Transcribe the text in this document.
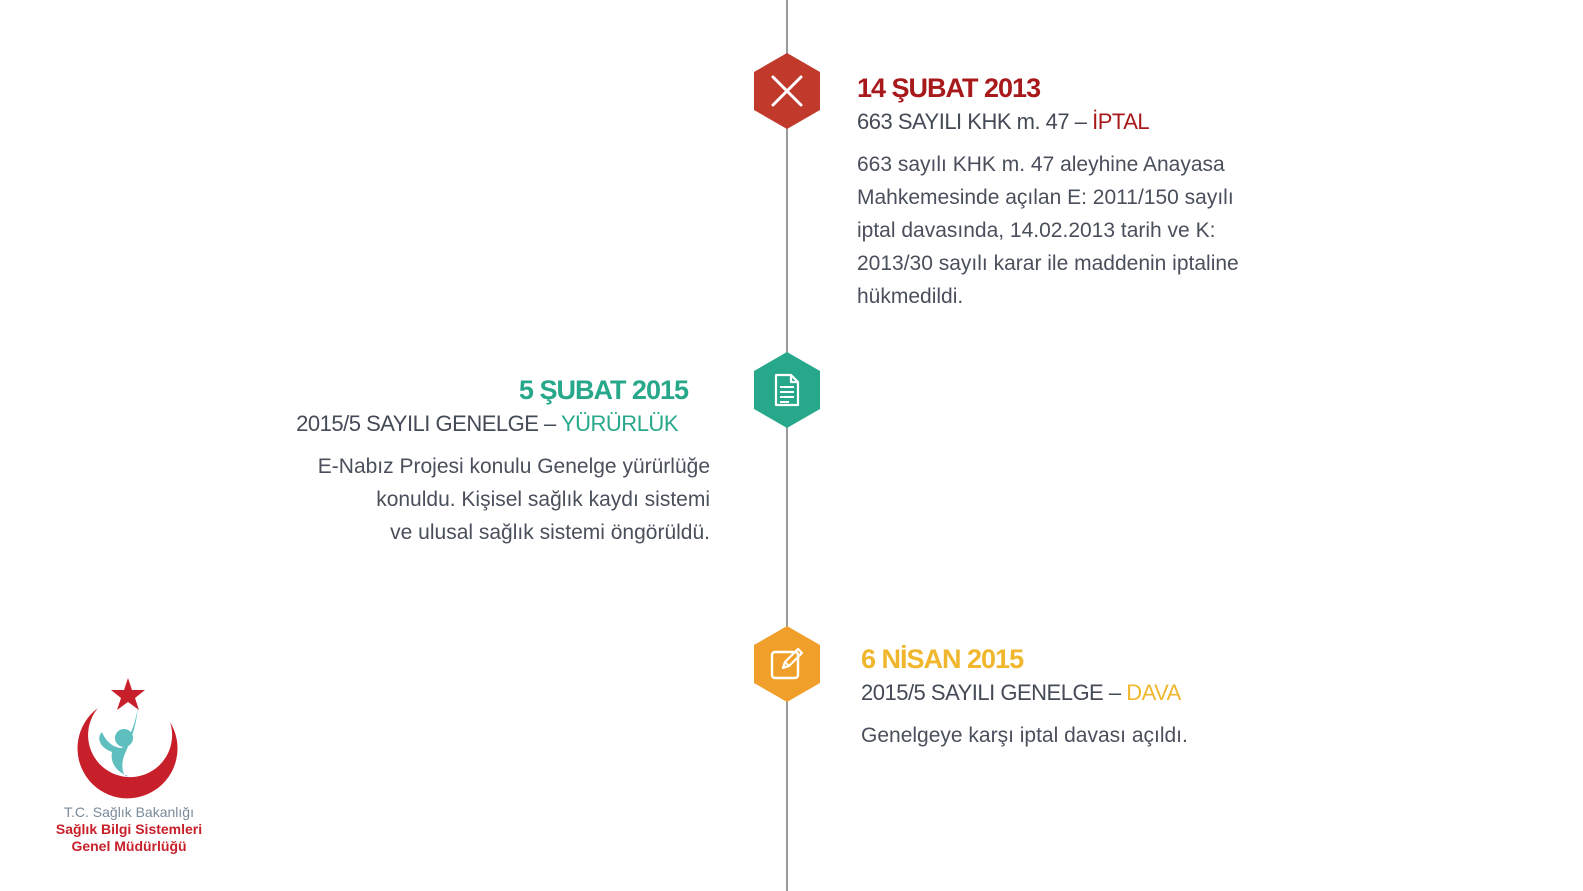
14 ŞUBAT 2013
663 SAYILI KHK m. 47 – İPTAL
663 sayılı KHK m. 47 aleyhine Anayasa
Mahkemesinde açılan E: 2011/150 sayılı
iptal davasında, 14.02.2013 tarih ve K:
2013/30 sayılı karar ile maddenin iptaline
hükmedildi.
5 ŞUBAT 2015
2015/5 SAYILI GENELGE – YÜRÜRLÜK
E-Nabız Projesi konulu Genelge yürürlüğe
konuldu. Kişisel sağlık kaydı sistemi
ve ulusal sağlık sistemi öngörüldü.
6 NİSAN 2015
2015/5 SAYILI GENELGE – DAVA
Genelgeye karşı iptal davası açıldı.
T.C. Sağlık Bakanlığı
Sağlık Bilgi Sistemleri
Genel Müdürlüğü
